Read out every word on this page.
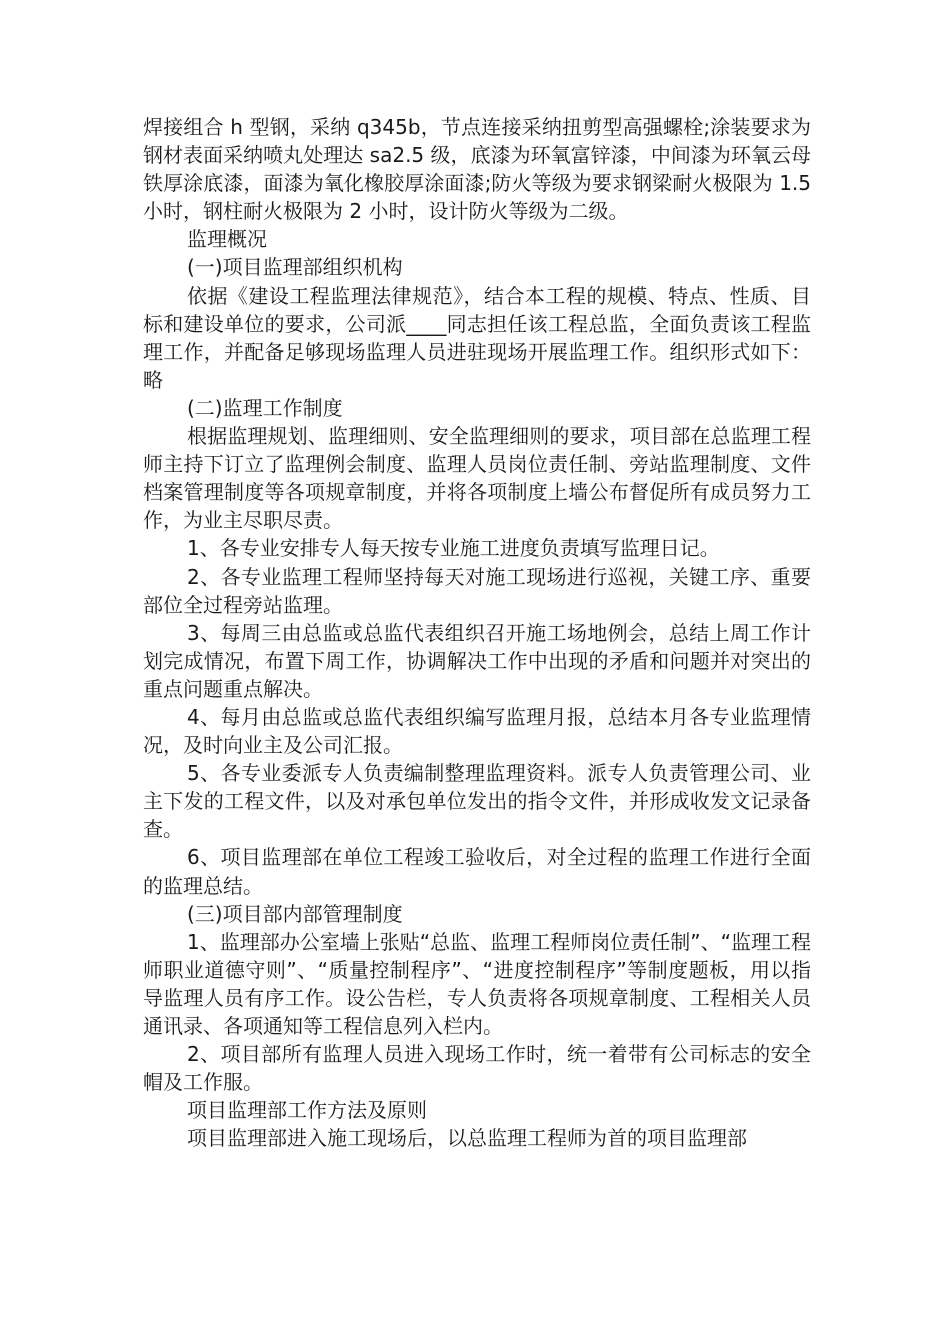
焊接组合 h 型钢，采纳 q345b，节点连接采纳扭剪型高强螺栓;涂装要求为钢材表面采纳喷丸处理达 sa2.5 级，底漆为环氧富锌漆，中间漆为环氧云母铁厚涂底漆，面漆为氧化橡胶厚涂面漆;防火等级为要求钢梁耐火极限为 1.5 小时，钢柱耐火极限为 2 小时，设计防火等级为二级。

监理概况

(一)项目监理部组织机构

依据《建设工程监理法律规范》，结合本工程的规模、特点、性质、目标和建设单位的要求，公司派____同志担任该工程总监，全面负责该工程监理工作，并配备足够现场监理人员进驻现场开展监理工作。组织形式如下：略

(二)监理工作制度

根据监理规划、监理细则、安全监理细则的要求，项目部在总监理工程师主持下订立了监理例会制度、监理人员岗位责任制、旁站监理制度、文件档案管理制度等各项规章制度，并将各项制度上墙公布督促所有成员努力工作，为业主尽职尽责。

1、各专业安排专人每天按专业施工进度负责填写监理日记。

2、各专业监理工程师坚持每天对施工现场进行巡视，关键工序、重要部位全过程旁站监理。

3、每周三由总监或总监代表组织召开施工场地例会，总结上周工作计划完成情况，布置下周工作，协调解决工作中出现的矛盾和问题并对突出的重点问题重点解决。

4、每月由总监或总监代表组织编写监理月报，总结本月各专业监理情况，及时向业主及公司汇报。

5、各专业委派专人负责编制整理监理资料。派专人负责管理公司、业主下发的工程文件，以及对承包单位发出的指令文件，并形成收发文记录备查。

6、项目监理部在单位工程竣工验收后，对全过程的监理工作进行全面的监理总结。

(三)项目部内部管理制度

1、监理部办公室墙上张贴“总监、监理工程师岗位责任制”、“监理工程师职业道德守则”、“质量控制程序”、“进度控制程序”等制度题板，用以指导监理人员有序工作。设公告栏，专人负责将各项规章制度、工程相关人员通讯录、各项通知等工程信息列入栏内。

2、项目部所有监理人员进入现场工作时，统一着带有公司标志的安全帽及工作服。

项目监理部工作方法及原则

项目监理部进入施工现场后，以总监理工程师为首的项目监理部
